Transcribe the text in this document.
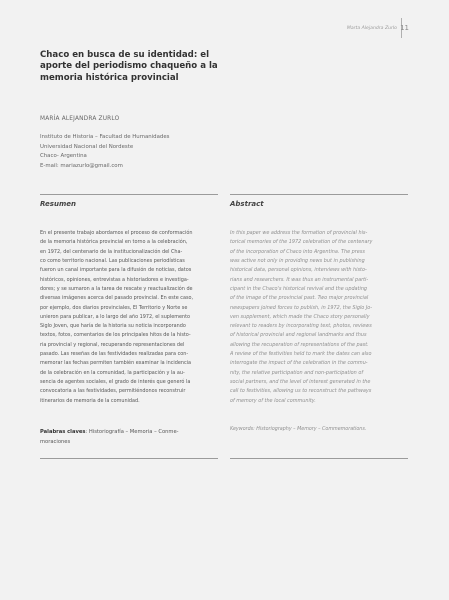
Marta Alejandra Zurlo 11
Chaco en busca de su identidad: el
aporte del periodismo chaqueño a la
memoria histórica provincial
MARÍA ALEJANDRA ZURLO
Instituto de Historia – Facultad de Humanidades
Universidad Nacional del Nordeste
Chaco- Argentina
E-mail: mariazurlo@gmail.com
Resumen	Abstract
En el presente trabajo abordamos el proceso de conformación
de la memoria histórica provincial en torno a la celebración,
en 1972, del centenario de la institucionalización del Cha-
co como territorio nacional. Las publicaciones periodísticas
fueron un canal importante para la difusión de noticias, datos
históricos, opiniones, entrevistas a historiadores e investiga-
dores; y se sumaron a la tarea de rescate y reactualización de
diversas imágenes acerca del pasado provincial. En este caso,
por ejemplo, dos diarios provinciales, El Territorio y Norte se
unieron para publicar, a lo largo del año 1972, el suplemento
Siglo Joven, que haría de la historia su noticia incorporando
textos, fotos, comentarios de los principales hitos de la histo-
ria provincial y regional, recuperando representaciones del
pasado. Las reseñas de las festividades realizadas para con-
memorar las fechas permiten también examinar la incidencia
de la celebración en la comunidad, la participación y la au-
sencia de agentes sociales, el grado de interés que generó la
convocatoria a las festividades, permitiéndonos reconstruir
itinerarios de memoria de la comunidad.
In this paper we address the formation of provincial his-
torical memories of the 1972 celebration of the centenary
of the incorporation of Chaco into Argentina. The press
was active not only in providing news but in publishing
historical data, personal opinions, interviews with histo-
rians and researchers. It was thus an instrumental parti-
cipant in the Chaco's historical revival and the updating
of the image of the provincial past. Two major provincial
newspapers joined forces to publish, in 1972, the Siglo Jo-
ven supplement, which made the Chaco story personally
relevant to readers by incorporating text, photos, reviews
of historical provincial and regional landmarks and thus
allowing the recuperation of representations of the past.
A review of the festivities held to mark the dates can also
interrogate the impact of the celebration in the commu-
nity, the relative participation and non-participation of
social partners, and the level of interest generated in the
call to festivities, allowing us to reconstruct the pathways
of memory of the local community.
Palabras claves: Historiografía – Memoria – Conme-
moraciones
Keywords: Historiography – Memory – Commemorations.
